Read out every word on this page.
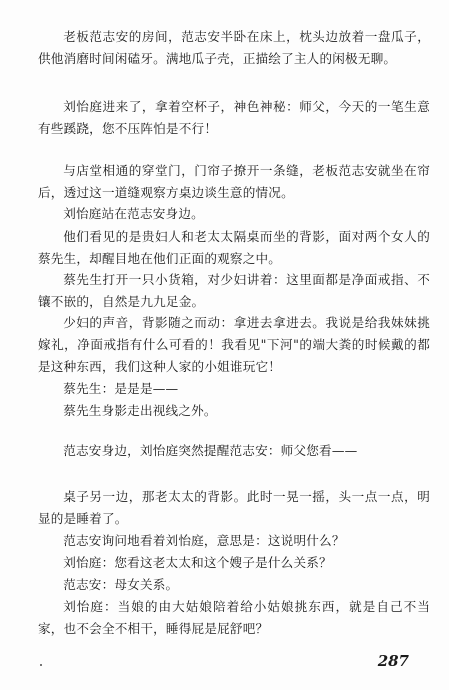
老板范志安的房间，范志安半卧在床上，枕头边放着一盘瓜子，供他消磨时间闲磕牙。满地瓜子壳，正描绘了主人的闲极无聊。

刘怡庭进来了，拿着空杯子，神色神秘：师父，今天的一笔生意有些蹊跷，您不压阵怕是不行！

与店堂相通的穿堂门，门帘子撩开一条缝，老板范志安就坐在帘后，透过这一道缝观察方桌边谈生意的情况。

刘怡庭站在范志安身边。

他们看见的是贵妇人和老太太隔桌而坐的背影，面对两个女人的蔡先生，却醒目地在他们正面的观察之中。

蔡先生打开一只小货箱，对少妇讲着：这里面都是净面戒指、不镶不嵌的，自然是九九足金。

少妇的声音，背影随之而动：拿进去拿进去。我说是给我妹妹挑嫁礼，净面戒指有什么可看的！我看见"下河"的端大粪的时候戴的都是这种东西，我们这种人家的小姐谁玩它！

蔡先生：是是是——

蔡先生身影走出视线之外。

范志安身边，刘怡庭突然提醒范志安：师父您看——

桌子另一边，那老太太的背影。此时一晃一摇，头一点一点，明显的是睡着了。

范志安询问地看着刘怡庭，意思是：这说明什么？

刘怡庭：您看这老太太和这个嫂子是什么关系？

范志安：母女关系。

刘怡庭：当娘的由大姑娘陪着给小姑娘挑东西，就是自己不当家，也不会全不相干，睡得屁是屁舒吧？

287
